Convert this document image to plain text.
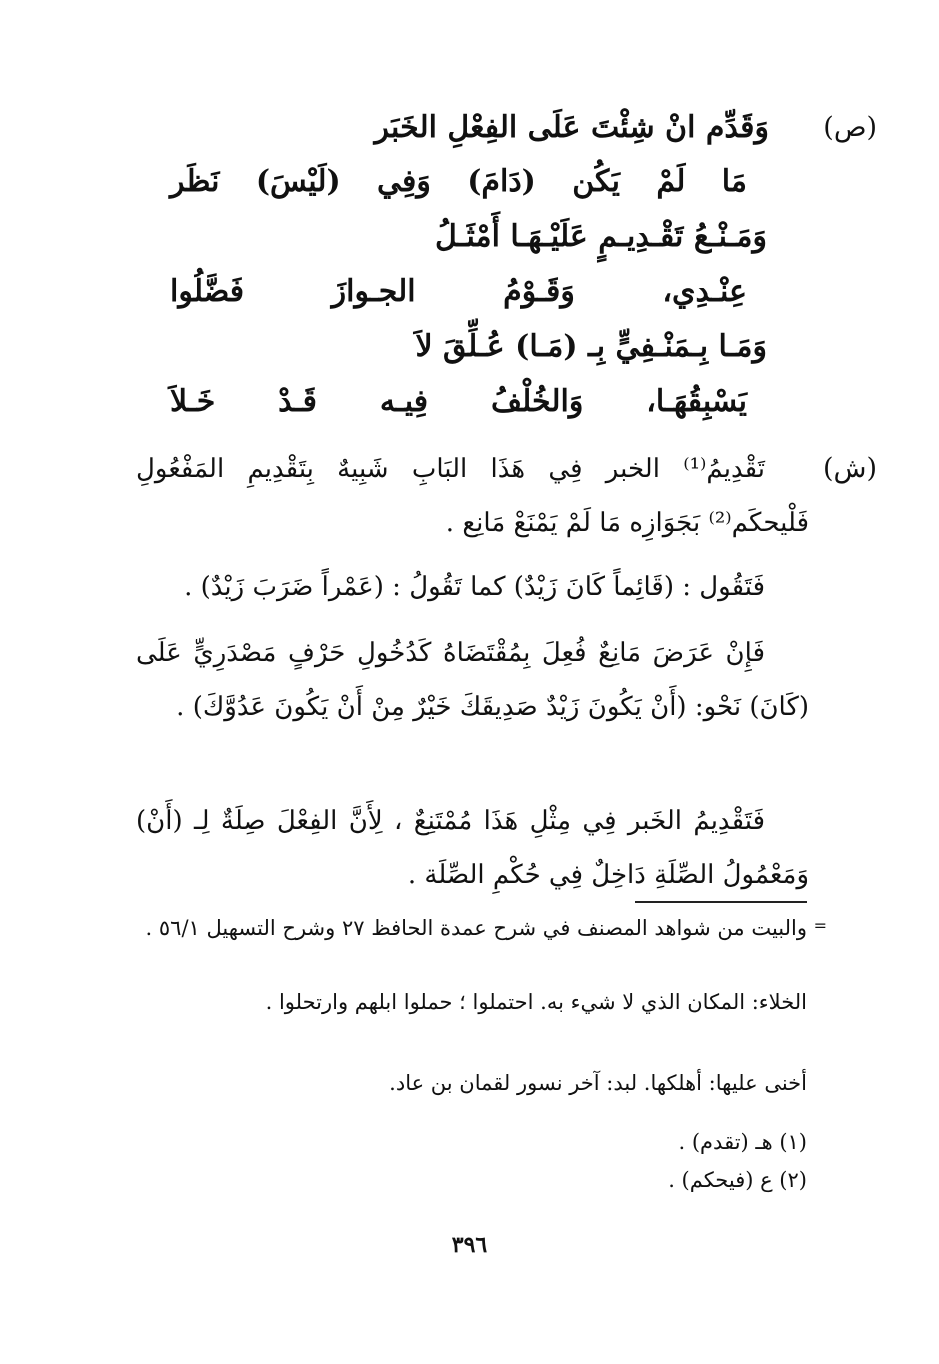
(ص)
وَقَدِّم انْ شِئْتَ عَلَى الفِعْلِ الخَبَر
مَا لَمْ يَكُن (دَامَ) وَفِي (لَيْسَ) نَظَر
وَمَـنْـعُ تَقْـدِيـمٍ عَلَيْـهَـا أَمْثَـلُ
عِنْـدِي، وَقَـوْمُ الجـوازَ فَضَّلُوا
وَمَـا بِـمَنْـفِيٍّ بِـ (مَـا) عُـلِّقَ لاَ
يَسْبِقُهَـا، وَالخُلْفُ فِيـه قَـدْ خَـلاَ
(ش)
تَقْدِيمُ⁽¹⁾ الخبر فِي هَذَا البَابِ شَبِيهٌ بِتَقْدِيمِ المَفْعُولِ فَلْيحكَم⁽²⁾ بَجَوَازِه مَا لَمْ يَمْنَعْ مَانِع .
فَتَقُول : (قَائِماً كَانَ زَيْدٌ) كما تَقُولُ : (عَمْراً ضَرَبَ زَيْدٌ) .
فَإِنْ عَرَضَ مَانِعٌ فُعِلَ بِمُقْتَضَاهُ كَدُخُولِ حَرْفٍ مَصْدَرِيٍّ عَلَى (كَانَ) نَحْو: (أَنْ يَكُونَ زَيْدٌ صَدِيقَكَ خَيْرٌ مِنْ أَنْ يَكُونَ عَدُوَّكَ) .
فَتَقْدِيمُ الخَبر فِي مِثْلِ هَذَا مُمْتَنِعٌ ، لِأَنَّ الفِعْلَ صِلَةٌ لِـ (أَنْ) وَمَعْمُولُ الصِّلَةِ دَاخِلٌ فِي حُكْمِ الصِّلَة .
=
والبيت من شواهد المصنف في شرح عمدة الحافظ ٢٧ وشرح التسهيل ٥٦/١ .
الخلاء: المكان الذي لا شيء به. احتملوا ؛ حملوا ابلهم وارتحلوا .
أخنى عليها: أهلكها. لبد: آخر نسور لقمان بن عاد.
(١) هـ (تقدم) .
(٢) ع (فيحكم) .
٣٩٦
